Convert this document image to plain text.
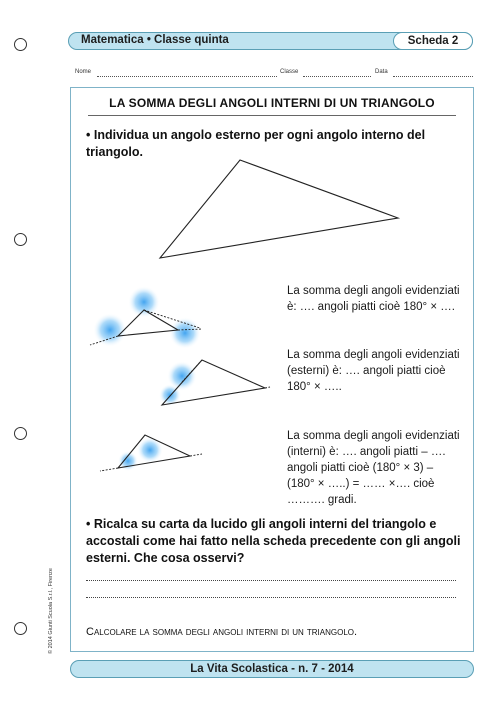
Matematica • Classe quinta	Scheda 2
Nome	Classe	Data
LA SOMMA DEGLI ANGOLI INTERNI DI UN TRIANGOLO
• Individua un angolo esterno per ogni angolo interno del triangolo.
La somma degli angoli evidenziati è: …. angoli piatti cioè 180° × ….
La somma degli angoli evidenziati (esterni) è: …. angoli piatti cioè 180° × …..
La somma degli angoli evidenziati (interni) è: …. angoli piatti – …. angoli piatti cioè (180° × 3) – (180° × …..) = …… ×…. cioè ………. gradi.
• Ricalca su carta da lucido gli angoli interni del triangolo e accostali come hai fatto nella scheda precedente con gli angoli esterni. Che cosa osservi?
Calcolare la somma degli angoli interni di un triangolo.
© 2014 Giunti Scuola S.r.l., Firenze
La Vita Scolastica - n. 7 - 2014
